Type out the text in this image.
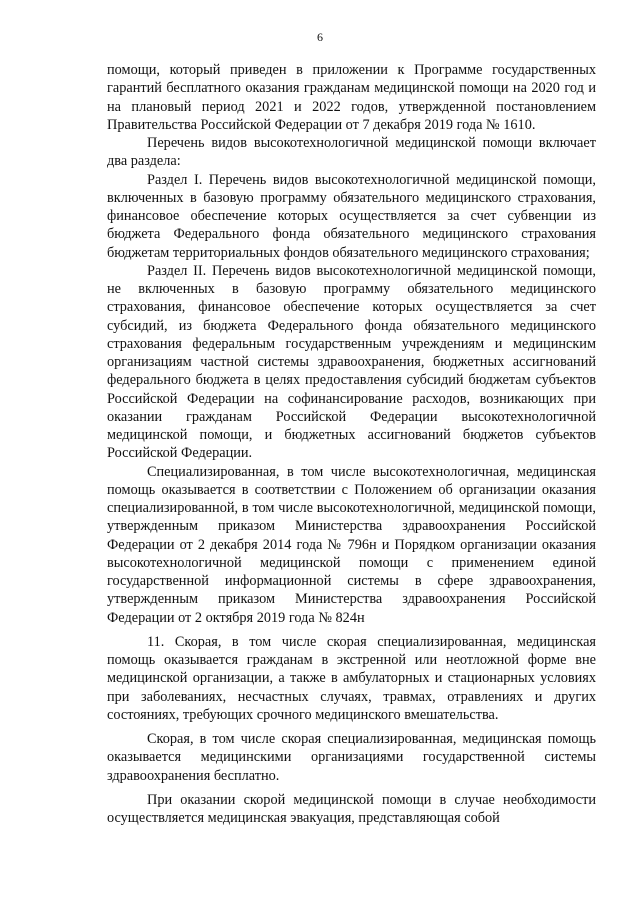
6

помощи, который приведен в приложении к Программе государственных гарантий бесплатного оказания гражданам медицинской помощи на 2020 год и на плановый период 2021 и 2022 годов, утвержденной постановлением Правительства Российской Федерации от 7 декабря 2019 года № 1610.

Перечень видов высокотехнологичной медицинской помощи включает два раздела:

Раздел I. Перечень видов высокотехнологичной медицинской помощи, включенных в базовую программу обязательного медицинского страхования, финансовое обеспечение которых осуществляется за счет субвенции из бюджета Федерального фонда обязательного медицинского страхования бюджетам территориальных фондов обязательного медицинского страхования;

Раздел II. Перечень видов высокотехнологичной медицинской помощи, не включенных в базовую программу обязательного медицинского страхования, финансовое обеспечение которых осуществляется за счет субсидий, из бюджета Федерального фонда обязательного медицинского страхования федеральным государственным учреждениям и медицинским организациям частной системы здравоохранения, бюджетных ассигнований федерального бюджета в целях предоставления субсидий бюджетам субъектов Российской Федерации на софинансирование расходов, возникающих при оказании гражданам Российской Федерации высокотехнологичной медицинской помощи, и бюджетных ассигнований бюджетов субъектов Российской Федерации.

Специализированная, в том числе высокотехнологичная, медицинская помощь оказывается в соответствии с Положением об организации оказания специализированной, в том числе высокотехнологичной, медицинской помощи, утвержденным приказом Министерства здравоохранения Российской Федерации от 2 декабря 2014 года № 796н и Порядком организации оказания высокотехнологичной медицинской помощи с применением единой государственной информационной системы в сфере здравоохранения, утвержденным приказом Министерства здравоохранения Российской Федерации от 2 октября 2019 года № 824н

11. Скорая, в том числе скорая специализированная, медицинская помощь оказывается гражданам в экстренной или неотложной форме вне медицинской организации, а также в амбулаторных и стационарных условиях при заболеваниях, несчастных случаях, травмах, отравлениях и других состояниях, требующих срочного медицинского вмешательства.

Скорая, в том числе скорая специализированная, медицинская помощь оказывается медицинскими организациями государственной системы здравоохранения бесплатно.

При оказании скорой медицинской помощи в случае необходимости осуществляется медицинская эвакуация, представляющая собой
